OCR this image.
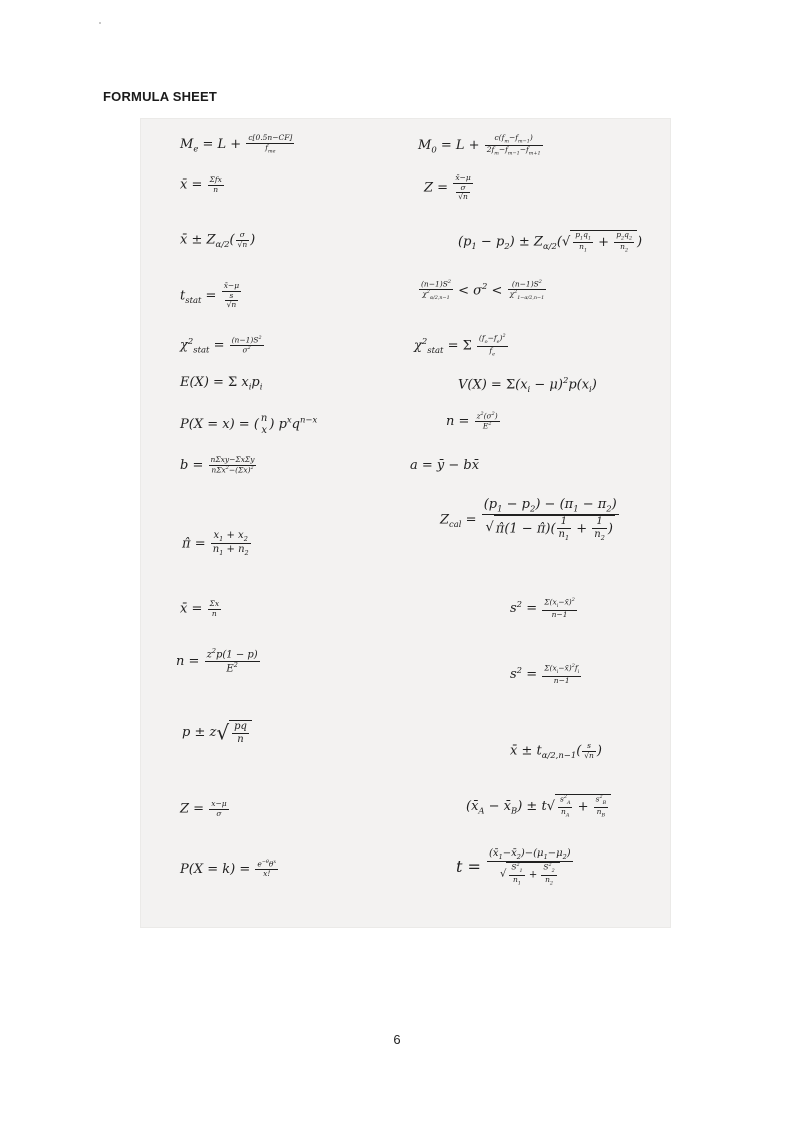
FORMULA SHEET
$M_e = L + c[0.5n-CF]$
$f_{me}$	$M_0 = L + \frac{c(f_m-f_{m-1})}{2f_m-f_{m-1}-f_{m+1}}$
x̄ = Σfx
n	$Z = \frac{x̄-\mu}{\frac{\sigma}{√n}}$
x̄ ± $Z_{\alpha/2}( \frac{\sigma}{√n}$ )	$(p_1 - p_2) \pm Z_{\alpha/2}(√ \frac{p_1q_1}{n_1} + \frac{p_2q_2}{n_2}$ )
$t_{stat} = \frac{x̄-\mu}{\frac{s}{√n}}$	$\frac{(n-1)S^2}{\chi^2_{\alpha/2,n-1}} < \sigma^2 < \frac{(n-1)S^2}{\chi^2_{1-\alpha/2,n-1}}$
$\chi^2_{stat} = \frac{(n-1)S^2}{\sigma^2}$	$\chi^2_{stat} = \Sigma \frac{(f_o-f_e)^2}{f_e}$
E(X) = Σ $x_ip_i$	$V(X) = \Sigma(x_i - \mu)^2p(x_i)$
P(X = x) = ( n
x ) $p^xq^{n-x}$	$n = \frac{z^2(\sigma^2)}{E^2}$
b = nΣxy−ΣxΣy
$n\Sigma x^2-(\Sigma x)^2$	a = ȳ − bx̄
π̂ = $\frac{x_1 + x_2}{n_1 + n_2}$
$Z_{cal} = \frac{(p_1 - p_2) - (\pi_1 - \pi_2)}{√ \pî(1 - \pî)( \frac{1}{n_1} + \frac{1}{n_2} )}$
x̄ = $\frac{\Sigma x}{n}$	$s^2 = \frac{\Sigma(x_i-x̄)^2}{n-1}$
$n = \frac{z^2p(1 - p)}{E^2}$	$s^2 = \frac{\Sigma(x_i-x̄)^2f_i}{n-1}$
$p \pm z√ \frac{pq}{n}$
x̄ ± $t_{\alpha/2,n-1}( \frac{s}{√n}$ )
$Z = \frac{x-\mu}{\sigma}$	($x̄_A$ − $x̄_B) \pm t√ \frac{s^2_A}{n_A} + \frac{s^2_B}{n_B}$
$P(X = k) = e^{-\theta}\theta^x$
x!	$t = \frac{(x̄_1-x̄_2)-(\mu_1-\mu_2)}{√ \frac{S^2_1}{n_1} + \frac{S^2_2}{n_2}}$
6
